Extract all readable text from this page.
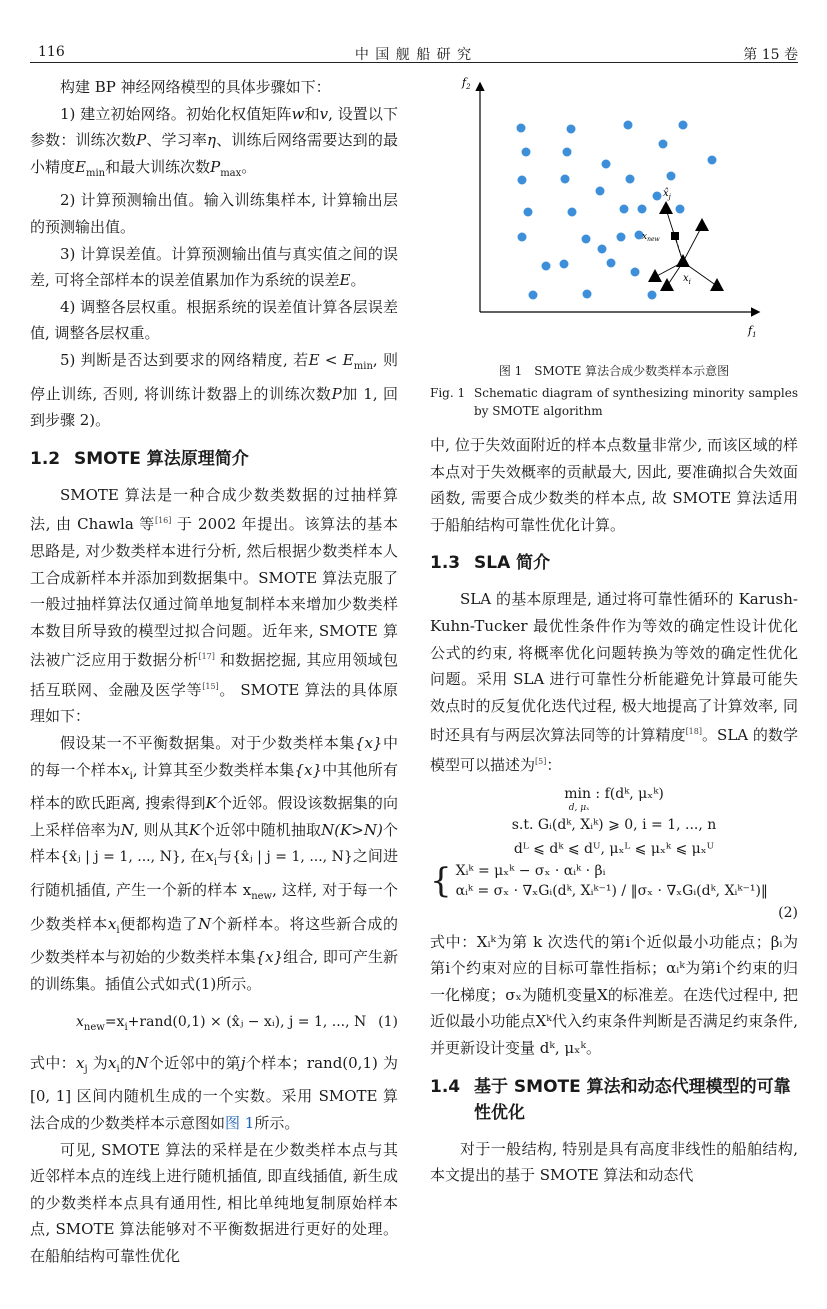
116	中 国 舰 船 研 究	第 15 卷

构建 BP 神经网络模型的具体步骤如下：

1) 建立初始网络。初始化权值矩阵w和v, 设置以下参数：训练次数P、学习率η、训练后网络需要达到的最小精度$E_{min}$和最大训练次数$P_{max}$。

2) 计算预测输出值。输入训练集样本, 计算输出层的预测输出值。

3) 计算误差值。计算预测输出值与真实值之间的误差, 可将全部样本的误差值累加作为系统的误差E。

4) 调整各层权重。根据系统的误差值计算各层误差值, 调整各层权重。

5) 判断是否达到要求的网络精度, 若$E < E_{min}$, 则停止训练, 否则, 将训练计数器上的训练次数P加 1, 回到步骤 2)。

1.2 SMOTE 算法原理简介

SMOTE 算法是一种合成少数类数据的过抽样算法, 由 Chawla 等[16] 于 2002 年提出。该算法的基本思路是, 对少数类样本进行分析, 然后根据少数类样本人工合成新样本并添加到数据集中。SMOTE 算法克服了一般过抽样算法仅通过简单地复制样本来增加少数类样本数目所导致的模型过拟合问题。近年来, SMOTE 算法被广泛应用于数据分析[17] 和数据挖掘, 其应用领域包括互联网、金融及医学等[15]。 SMOTE 算法的具体原理如下：

假设某一不平衡数据集。对于少数类样本集{x}中的每一个样本$x_i$, 计算其至少数类样本集{x}中其他所有样本的欧氏距离, 搜索得到K个近邻。假设该数据集的向上采样倍率为N, 则从其K个近邻中随机抽取N(K>N)个样本{x̂ⱼ | j = 1, ..., N}, 在$x_i$与{x̂ⱼ | j = 1, ..., N}之间进行随机插值, 产生一个新的样本 $x_{new}$, 这样, 对于每一个少数类样本$x_i$便都构造了N个新样本。将这些新合成的少数类样本与初始的少数类样本集{x}组合, 即可产生新的训练集。插值公式如式(1)所示。

$x_{new}=x_i+rand(0,1)$ × (x̂ⱼ − xᵢ), j = 1, ..., N (1)

式中：$x_j$ 为$x_i$的N个近邻中的第j个样本；rand(0,1) 为 [0, 1] 区间内随机生成的一个实数。采用 SMOTE 算法合成的少数类样本示意图如图 1所示。

可见, SMOTE 算法的采样是在少数类样本点与其近邻样本点的连线上进行随机插值, 即直线插值, 新生成的少数类样本点具有通用性, 相比单纯地复制原始样本点, SMOTE 算法能够对不平衡数据进行更好的处理。在船舶结构可靠性优化

$f_2$
$f_1$
$x̂_j$
$x_{new}$
$x_i$
图 1　SMOTE 算法合成少数类样本示意图
Fig. 1 Schematic diagram of synthesizing minority samples by SMOTE algorithm

中, 位于失效面附近的样本点数量非常少, 而该区域的样本点对于失效概率的贡献最大, 因此, 要准确拟合失效面函数, 需要合成少数类的样本点, 故 SMOTE 算法适用于船舶结构可靠性优化计算。

1.3 SLA 简介

SLA 的基本原理是, 通过将可靠性循环的 Karush-Kuhn-Tucker 最优性条件作为等效的确定性设计优化公式的约束, 将概率优化问题转换为等效的确定性优化问题。采用 SLA 进行可靠性分析能避免计算最可能失效点时的反复优化迭代过程, 极大地提高了计算效率, 同时还具有与两层次算法同等的计算精度[18]。SLA 的数学模型可以描述为[5]：

min : f(dᵏ, μₓᵏ)
d, μₓ
s.t. Gᵢ(dᵏ, Xᵢᵏ) ⩾ 0, i = 1, ..., n
dᴸ ⩽ dᵏ ⩽ dᵁ, μₓᴸ ⩽ μₓᵏ ⩽ μₓᵁ
{ Xᵢᵏ = μₓᵏ − σₓ · αᵢᵏ · βᵢ
αᵢᵏ = σₓ · ∇ₓGᵢ(dᵏ, Xᵢᵏ⁻¹) / ‖σₓ · ∇ₓGᵢ(dᵏ, Xᵢᵏ⁻¹)‖
(2)

式中：Xᵢᵏ为第 k 次迭代的第i个近似最小功能点；βᵢ为第i个约束对应的目标可靠性指标；αᵢᵏ为第i个约束的归一化梯度；σₓ为随机变量X的标准差。在迭代过程中, 把近似最小功能点Xᵏ代入约束条件判断是否满足约束条件, 并更新设计变量 dᵏ, μₓᵏ。

1.4 基于 SMOTE 算法和动态代理模型的可靠性优化

对于一般结构, 特别是具有高度非线性的船舶结构, 本文提出的基于 SMOTE 算法和动态代
